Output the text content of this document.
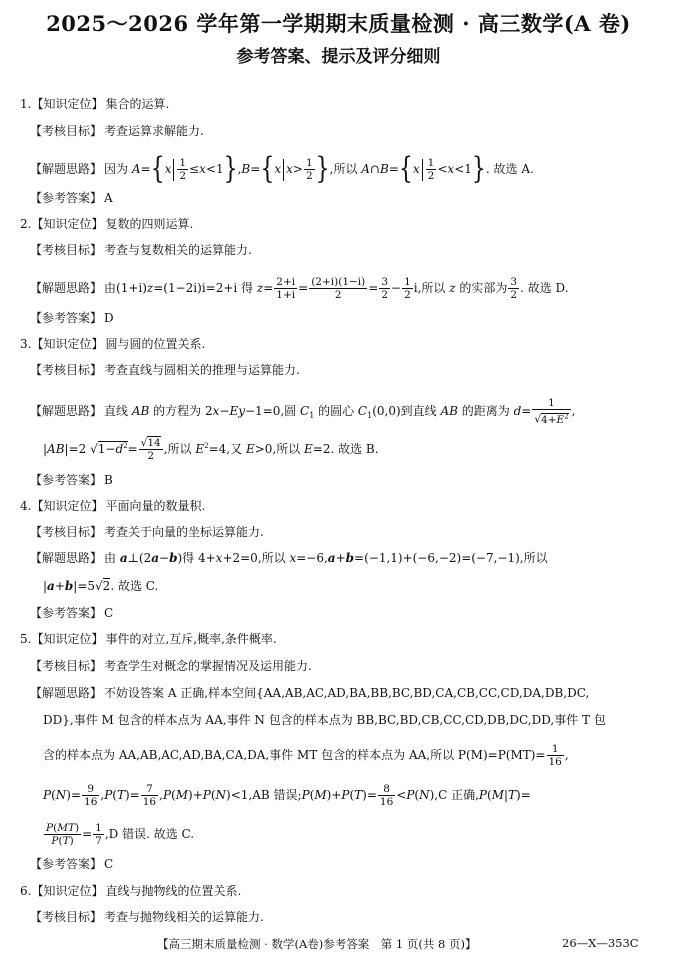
2025～2026 学年第一学期期末质量检测 · 高三数学(A 卷)
参考答案、提示及评分细则
1.【知识定位】 集合的运算.
【考核目标】 考查运算求解能力.
【解题思路】 因为 $A=\{x \frac{1}{2} \le x<1\},B=\{x$ $x> \frac{1}{2}$ },所以 A∩B={x $\frac{1}{2} <x<1$}. 故选 A.
【参考答案】 A
2.【知识定位】 复数的四则运算.
【考核目标】 考查与复数相关的运算能力.
【解题思路】 由(1+i)z=(1−2i)i=2+i 得 $z= \frac{2+i}{1+i} = \frac{(2+i)(1-i)}{2} = \frac{3}{2} - \frac{1}{2} i$,所以 z 的实部为 $\frac{3}{2}$ . 故选 D.
【参考答案】 D
3.【知识定位】 圆与圆的位置关系.
【考核目标】 考查直线与圆相关的推理与运算能力.
【解题思路】 直线 AB 的方程为 2x−Ey−1=0,圆 $C_1$ 的圆心 $C_1(0,0)$到直线 AB 的距离为 $d= \frac{1}{√4+E^2}$ ,
|AB|=2 $√1-d^2= \frac{√14}{2}$ ,所以 $E^2=4$,又 E>0,所以 E=2. 故选 B.
【参考答案】 B
4.【知识定位】 平面向量的数量积.
【考核目标】 考查关于向量的坐标运算能力.
【解题思路】 由 a⊥(2a−b)得 4+x+2=0,所以 x=−6,a+b=(−1,1)+(−6,−2)=(−7,−1),所以
|a+b|=5√2. 故选 C.
【参考答案】 C
5.【知识定位】 事件的对立,互斥,概率,条件概率.
【考核目标】 考查学生对概念的掌握情况及运用能力.
【解题思路】 不妨设答案 A 正确,样本空间{AA,AB,AC,AD,BA,BB,BC,BD,CA,CB,CC,CD,DA,DB,DC,
DD},事件 M 包含的样本点为 AA,事件 N 包含的样本点为 BB,BC,BD,CB,CC,CD,DB,DC,DD,事件 T 包
含的样本点为 AA,AB,AC,AD,BA,CA,DA,事件 MT 包含的样本点为 AA,所以 $P(M)=P(MT)= \frac{1}{16}$ ,
$P(N)= \frac{9}{16} ,P(T)= \frac{7}{16} ,P(M)+P(N)<1,AB$ 错误;P(M)+P(T)= $\frac{8}{16} <P(N),C$ 正确,P(M|T)=
$\frac{P(MT)}{P(T)} = \frac{1}{7} ,D$ 错误. 故选 C.
【参考答案】 C
6.【知识定位】 直线与抛物线的位置关系.
【考核目标】 考查与抛物线相关的运算能力.
【高三期末质量检测 · 数学(A卷)参考答案　第 1 页(共 8 页)】	26—X—353C
